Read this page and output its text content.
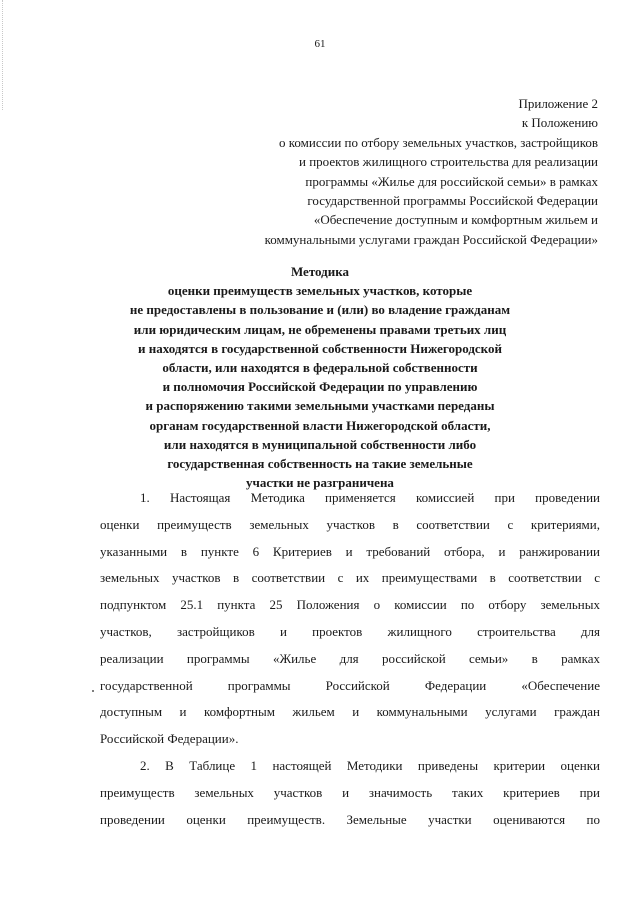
61
Приложение 2
к Положению
о комиссии по отбору земельных участков, застройщиков
и проектов жилищного строительства для реализации
программы «Жилье для российской семьи» в рамках
государственной программы Российской Федерации
«Обеспечение доступным и комфортным жильем и
коммунальными услугами граждан Российской Федерации»
Методика
оценки преимуществ земельных участков, которые
не предоставлены в пользование и (или) во владение гражданам
или юридическим лицам, не обременены правами третьих лиц
и находятся в государственной собственности Нижегородской
области, или находятся в федеральной собственности
и полномочия Российской Федерации по управлению
и распоряжению такими земельными участками переданы
органам государственной власти Нижегородской области,
или находятся в муниципальной собственности либо
государственная собственность на такие земельные
участки не разграничена
1. Настоящая Методика применяется комиссией при проведении
оценки преимуществ земельных участков в соответствии с критериями,
указанными в пункте 6 Критериев и требований отбора, и ранжировании
земельных участков в соответствии с их преимуществами в соответствии с
подпунктом 25.1 пункта 25 Положения о комиссии по отбору земельных
участков, застройщиков и проектов жилищного строительства для
реализации программы «Жилье для российской семьи» в рамках
государственной программы Российской Федерации «Обеспечение
доступным и комфортным жильем и коммунальными услугами граждан
Российской Федерации».
2. В Таблице 1 настоящей Методики приведены критерии оценки
преимуществ земельных участков и значимость таких критериев при
проведении оценки преимуществ. Земельные участки оцениваются по
